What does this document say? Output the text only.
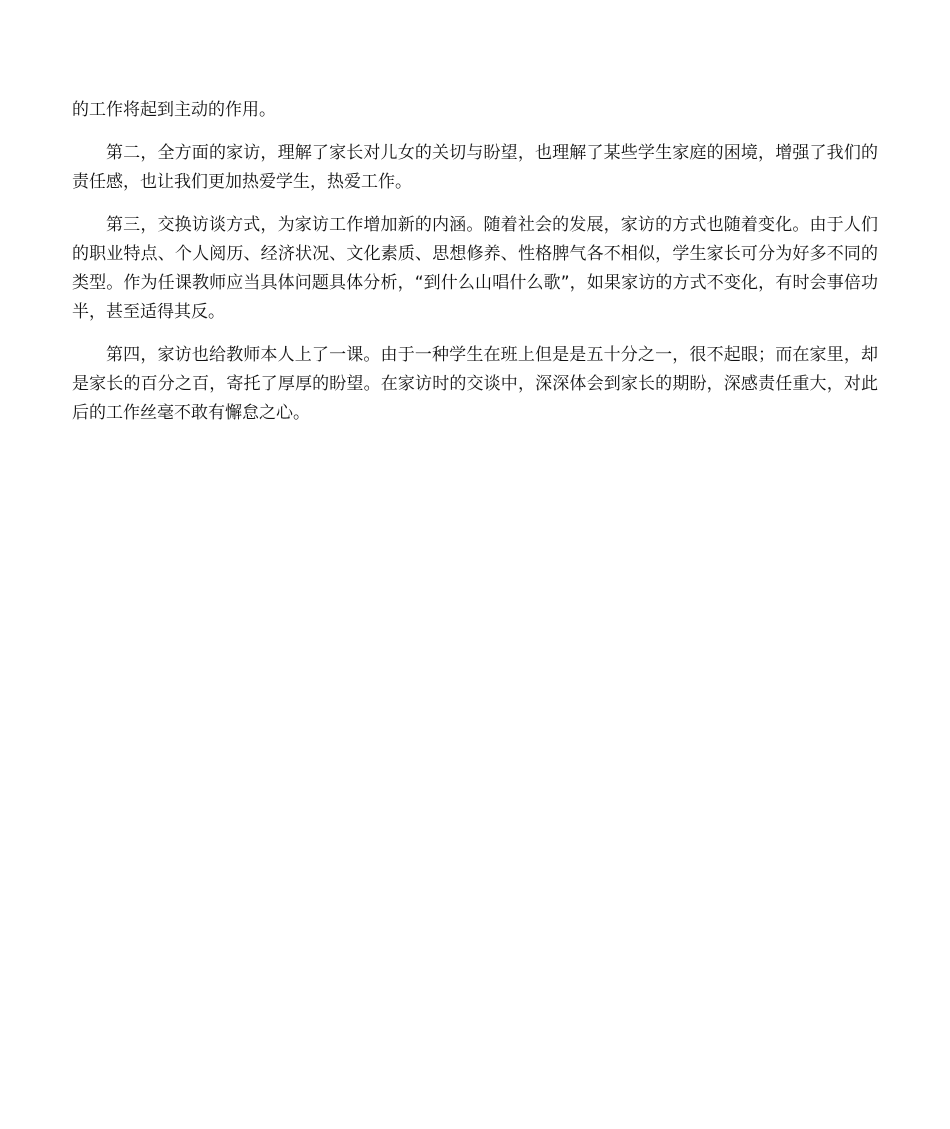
的工作将起到主动的作用。

第二，全方面的家访，理解了家长对儿女的关切与盼望，也理解了某些学生家庭的困境，增强了我们的责任感，也让我们更加热爱学生，热爱工作。

第三，交换访谈方式，为家访工作增加新的内涵。随着社会的发展，家访的方式也随着变化。由于人们的职业特点、个人阅历、经济状况、文化素质、思想修养、性格脾气各不相似，学生家长可分为好多不同的类型。作为任课教师应当具体问题具体分析，“到什么山唱什么歌”，如果家访的方式不变化，有时会事倍功半，甚至适得其反。

第四，家访也给教师本人上了一课。由于一种学生在班上但是是五十分之一，很不起眼；而在家里，却是家长的百分之百，寄托了厚厚的盼望。在家访时的交谈中，深深体会到家长的期盼，深感责任重大，对此后的工作丝毫不敢有懈怠之心。
